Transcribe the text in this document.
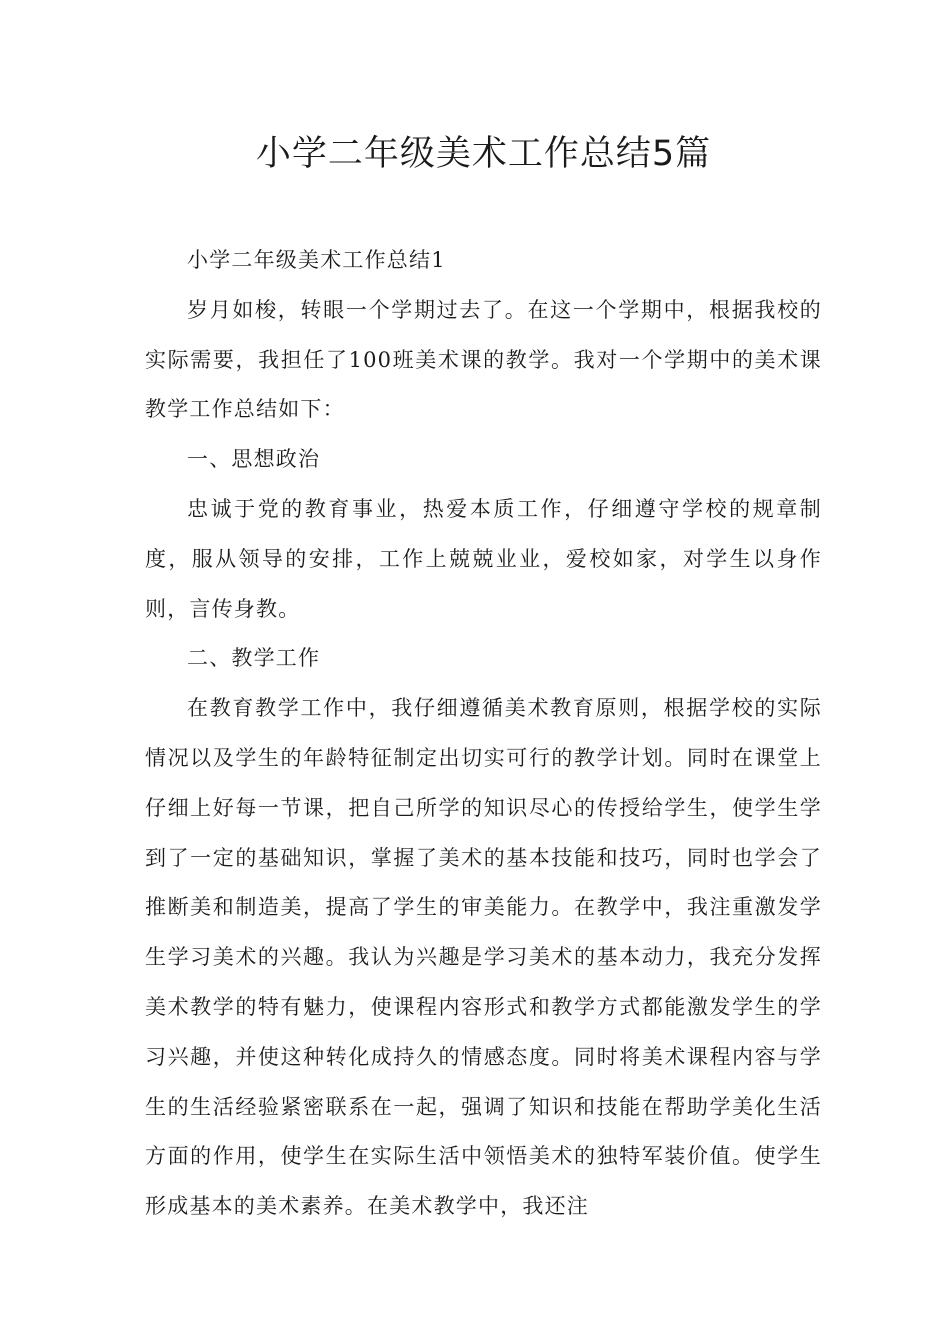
小学二年级美术工作总结5篇

小学二年级美术工作总结1

岁月如梭，转眼一个学期过去了。在这一个学期中，根据我校的实际需要，我担任了100班美术课的教学。我对一个学期中的美术课教学工作总结如下：

一、思想政治

忠诚于党的教育事业，热爱本质工作，仔细遵守学校的规章制度，服从领导的安排，工作上兢兢业业，爱校如家，对学生以身作则，言传身教。

二、教学工作

在教育教学工作中，我仔细遵循美术教育原则，根据学校的实际情况以及学生的年龄特征制定出切实可行的教学计划。同时在课堂上仔细上好每一节课，把自己所学的知识尽心的传授给学生，使学生学到了一定的基础知识，掌握了美术的基本技能和技巧，同时也学会了推断美和制造美，提高了学生的审美能力。在教学中，我注重激发学生学习美术的兴趣。我认为兴趣是学习美术的基本动力，我充分发挥美术教学的特有魅力，使课程内容形式和教学方式都能激发学生的学习兴趣，并使这种转化成持久的情感态度。同时将美术课程内容与学生的生活经验紧密联系在一起，强调了知识和技能在帮助学美化生活方面的作用，使学生在实际生活中领悟美术的独特军装价值。使学生形成基本的美术素养。在美术教学中，我还注
